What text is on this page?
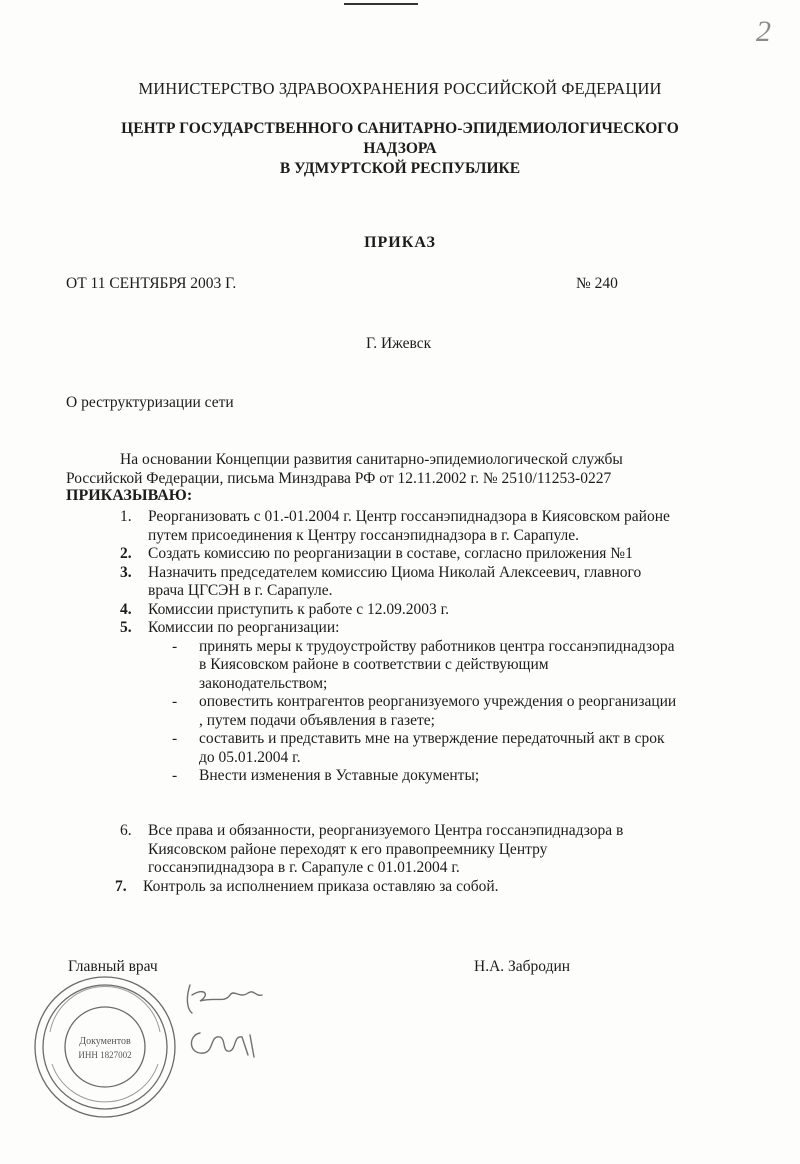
2
МИНИСТЕРСТВО ЗДРАВООХРАНЕНИЯ РОССИЙСКОЙ ФЕДЕРАЦИИ
ЦЕНТР ГОСУДАРСТВЕННОГО САНИТАРНО-ЭПИДЕМИОЛОГИЧЕСКОГО
НАДЗОРА
В УДМУРТСКОЙ РЕСПУБЛИКЕ
ПРИКАЗ
ОТ 11 СЕНТЯБРЯ 2003 Г.	№ 240
Г. Ижевск
О реструктуризации сети
На основании Концепции развития санитарно-эпидемиологической службы
Российской Федерации, письма Минздрава РФ от 12.11.2002 г. № 2510/11253-0227
ПРИКАЗЫВАЮ:
1.	Реорганизовать с 01.-01.2004 г. Центр госсанэпиднадзора в Киясовском районе
путем присоединения к Центру госсанэпиднадзора в г. Сарапуле.
2.	Создать комиссию по реорганизации в составе, согласно приложения №1
3.	Назначить председателем комиссию Циома Николай Алексеевич, главного
врача ЦГСЭН в г. Сарапуле.
4.	Комиссии приступить к работе с 12.09.2003 г.
5.	Комиссии по реорганизации:
-	принять меры к трудоустройству работников центра госсанэпиднадзора
в Киясовском районе в соответствии с действующим
законодательством;
-	оповестить контрагентов реорганизуемого учреждения о реорганизации
, путем подачи объявления в газете;
-	составить и представить мне на утверждение передаточный акт в срок
до 05.01.2004 г.
-	Внести изменения в Уставные документы;
6.	Все права и обязанности, реорганизуемого Центра госсанэпиднадзора в
Киясовском районе переходят к его правопреемнику Центру
госсанэпиднадзора в г. Сарапуле с 01.01.2004 г.
7.	Контроль за исполнением приказа оставляю за собой.
Главный врач	Н.А. Забродин
Документов
ИНН 1827002
